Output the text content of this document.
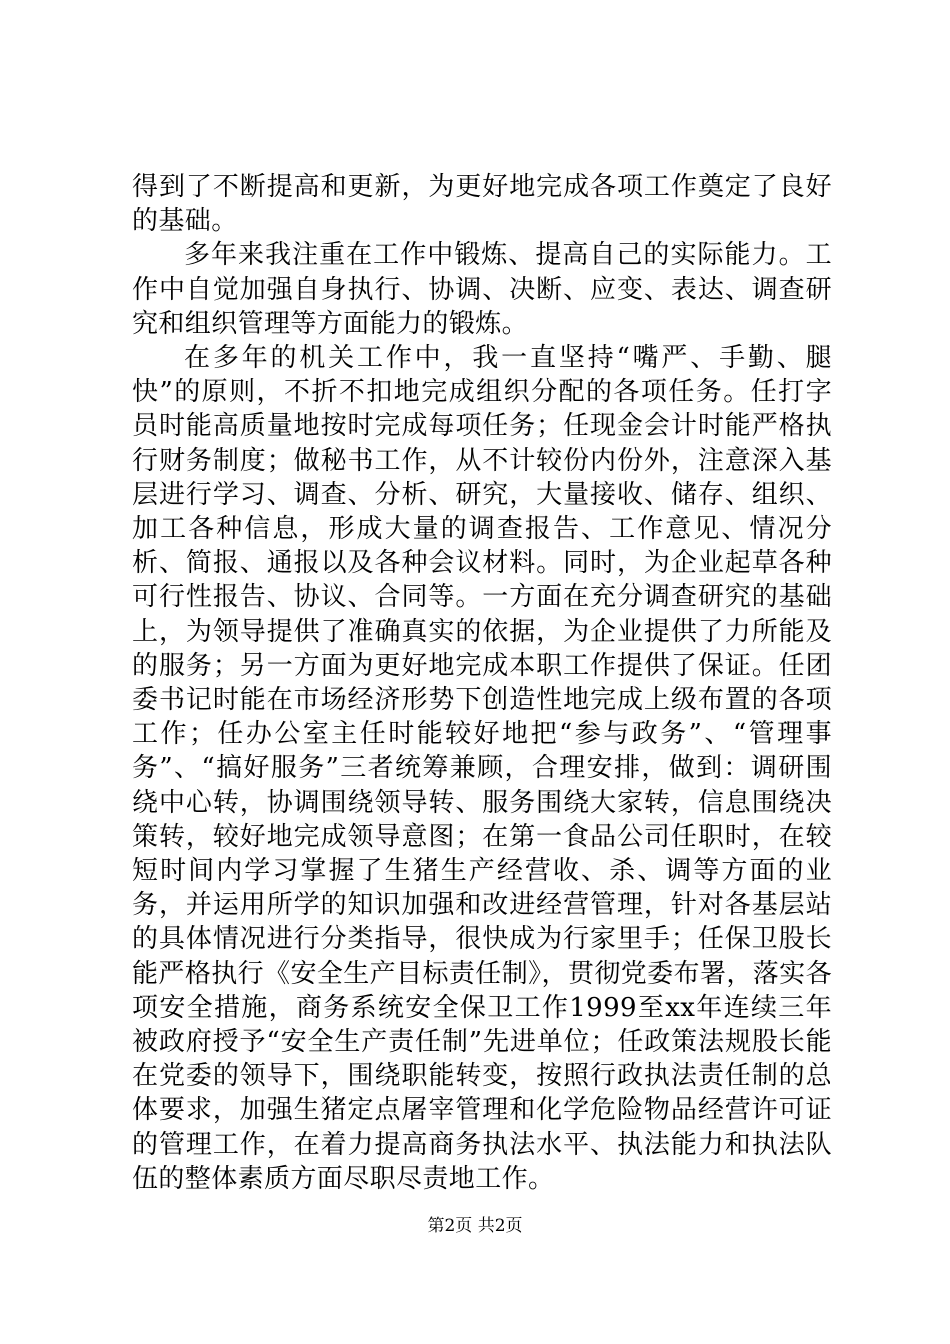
得到了不断提高和更新，为更好地完成各项工作奠定了良好的基础。

多年来我注重在工作中锻炼、提高自己的实际能力。工作中自觉加强自身执行、协调、决断、应变、表达、调查研究和组织管理等方面能力的锻炼。

在多年的机关工作中，我一直坚持“嘴严、手勤、腿快”的原则，不折不扣地完成组织分配的各项任务。任打字员时能高质量地按时完成每项任务；任现金会计时能严格执行财务制度；做秘书工作，从不计较份内份外，注意深入基层进行学习、调查、分析、研究，大量接收、储存、组织、加工各种信息，形成大量的调查报告、工作意见、情况分析、简报、通报以及各种会议材料。同时，为企业起草各种可行性报告、协议、合同等。一方面在充分调查研究的基础上，为领导提供了准确真实的依据，为企业提供了力所能及的服务；另一方面为更好地完成本职工作提供了保证。任团委书记时能在市场经济形势下创造性地完成上级布置的各项工作；任办公室主任时能较好地把“参与政务”、“管理事务”、“搞好服务”三者统筹兼顾，合理安排，做到：调研围绕中心转，协调围绕领导转、服务围绕大家转，信息围绕决策转，较好地完成领导意图；在第一食品公司任职时，在较短时间内学习掌握了生猪生产经营收、杀、调等方面的业务，并运用所学的知识加强和改进经营管理，针对各基层站的具体情况进行分类指导，很快成为行家里手；任保卫股长能严格执行《安全生产目标责任制》，贯彻党委布署，落实各项安全措施，商务系统安全保卫工作1999至xx年连续三年被政府授予“安全生产责任制”先进单位；任政策法规股长能在党委的领导下，围绕职能转变，按照行政执法责任制的总体要求，加强生猪定点屠宰管理和化学危险物品经营许可证的管理工作，在着力提高商务执法水平、执法能力和执法队伍的整体素质方面尽职尽责地工作。

第2页 共2页
